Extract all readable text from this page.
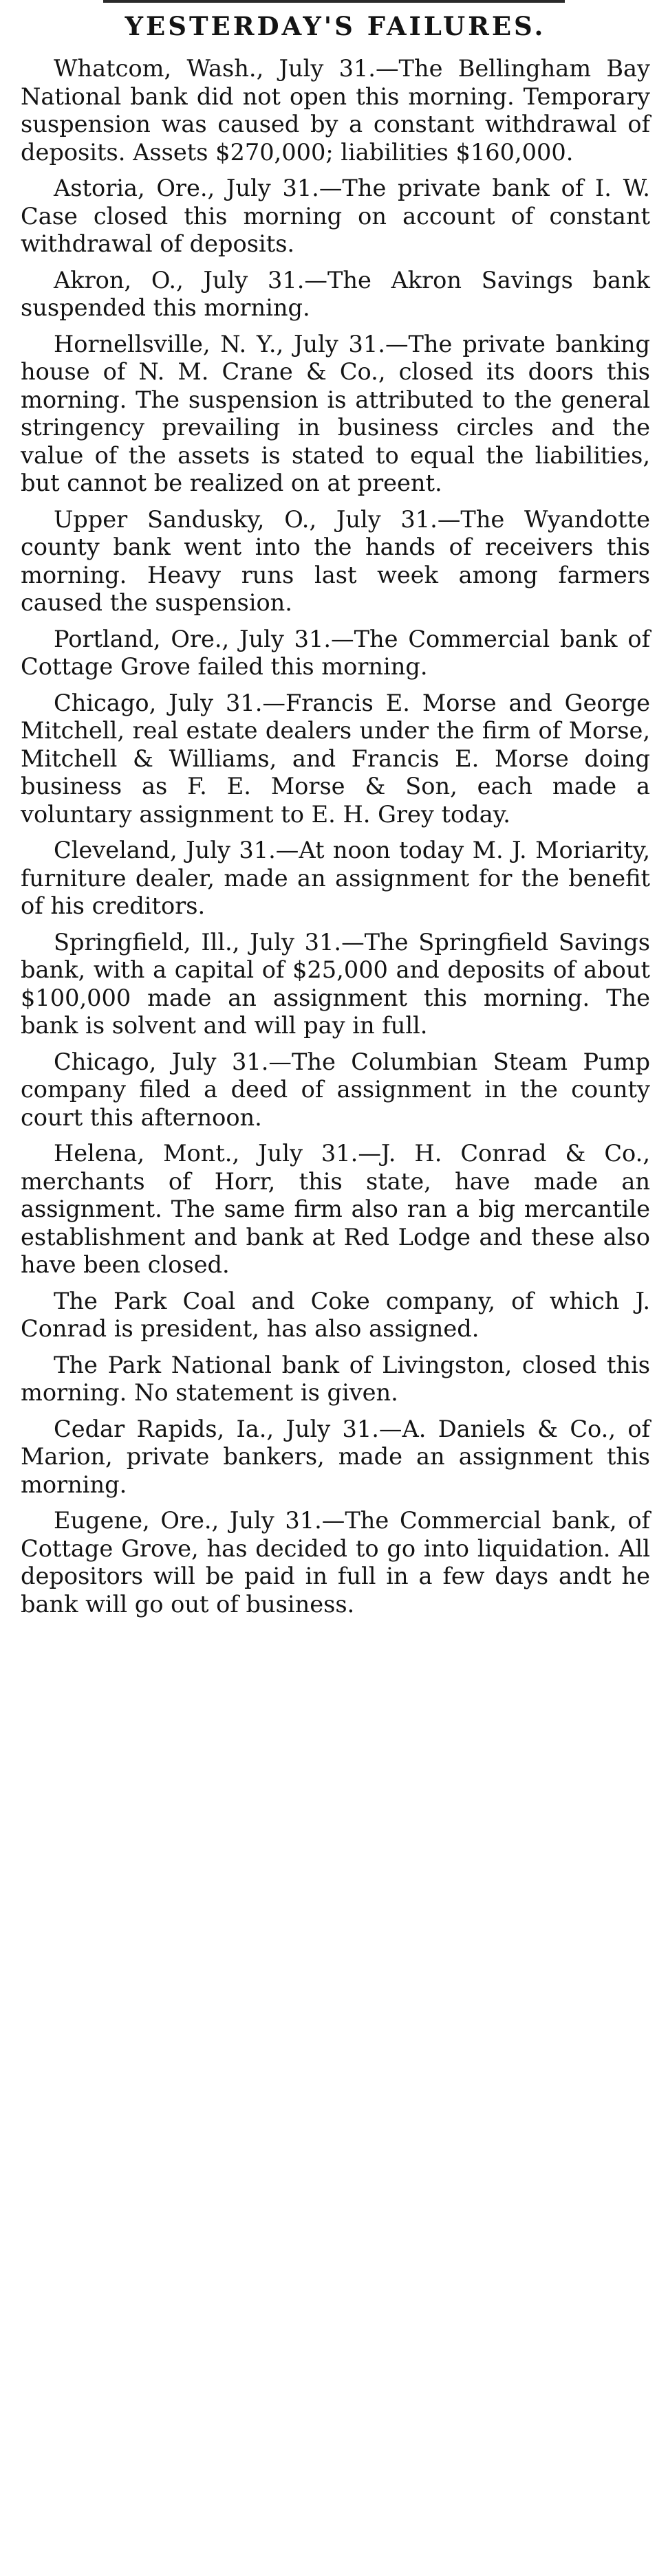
YESTERDAY'S FAILURES.

Whatcom, Wash., July 31.—The Bellingham Bay National bank did not open this morning. Temporary suspension was caused by a constant withdrawal of deposits. Assets $270,000; liabilities $160,000.

Astoria, Ore., July 31.—The private bank of I. W. Case closed this morning on account of constant withdrawal of deposits.

Akron, O., July 31.—The Akron Savings bank suspended this morning.

Hornellsville, N. Y., July 31.—The private banking house of N. M. Crane & Co., closed its doors this morning. The suspension is attributed to the general stringency prevailing in business circles and the value of the assets is stated to equal the liabilities, but cannot be realized on at preent.

Upper Sandusky, O., July 31.—The Wyandotte county bank went into the hands of receivers this morning. Heavy runs last week among farmers caused the suspension.

Portland, Ore., July 31.—The Commercial bank of Cottage Grove failed this morning.

Chicago, July 31.—Francis E. Morse and George Mitchell, real estate dealers under the firm of Morse, Mitchell & Williams, and Francis E. Morse doing business as F. E. Morse & Son, each made a voluntary assignment to E. H. Grey today.

Cleveland, July 31.—At noon today M. J. Moriarity, furniture dealer, made an assignment for the benefit of his creditors.

Springfield, Ill., July 31.—The Springfield Savings bank, with a capital of $25,000 and deposits of about $100,000 made an assignment this morning. The bank is solvent and will pay in full.

Chicago, July 31.—The Columbian Steam Pump company filed a deed of assignment in the county court this afternoon.

Helena, Mont., July 31.—J. H. Conrad & Co., merchants of Horr, this state, have made an assignment. The same firm also ran a big mercantile establishment and bank at Red Lodge and these also have been closed.

The Park Coal and Coke company, of which J. Conrad is president, has also assigned.

The Park National bank of Livingston, closed this morning. No statement is given.

Cedar Rapids, Ia., July 31.—A. Daniels & Co., of Marion, private bankers, made an assignment this morning.

Eugene, Ore., July 31.—The Commercial bank, of Cottage Grove, has decided to go into liquidation. All depositors will be paid in full in a few days andt he bank will go out of business.
